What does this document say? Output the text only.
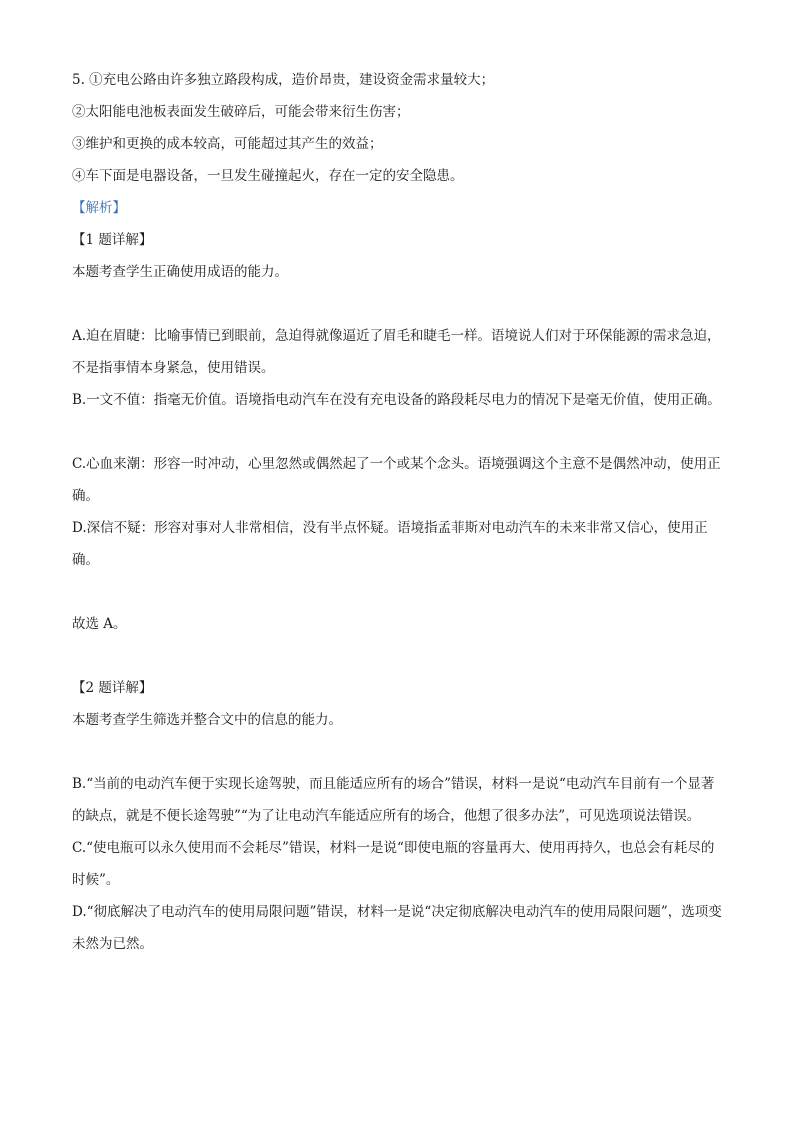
5. ①充电公路由许多独立路段构成，造价昂贵，建设资金需求量较大；
②太阳能电池板表面发生破碎后，可能会带来衍生伤害；
③维护和更换的成本较高，可能超过其产生的效益；
④车下面是电器设备，一旦发生碰撞起火，存在一定的安全隐患。
【解析】
【1 题详解】
本题考查学生正确使用成语的能力。

A.迫在眉睫：比喻事情已到眼前，急迫得就像逼近了眉毛和睫毛一样。语境说人们对于环保能源的需求急迫，不是指事情本身紧急，使用错误。

B.一文不值：指毫无价值。语境指电动汽车在没有充电设备的路段耗尽电力的情况下是毫无价值，使用正确。

C.心血来潮：形容一时冲动，心里忽然或偶然起了一个或某个念头。语境强调这个主意不是偶然冲动，使用正确。

D.深信不疑：形容对事对人非常相信，没有半点怀疑。语境指孟菲斯对电动汽车的未来非常又信心，使用正确。

故选 A。
【2 题详解】
本题考查学生筛选并整合文中的信息的能力。

B.“当前的电动汽车便于实现长途驾驶，而且能适应所有的场合”错误，材料一是说“电动汽车目前有一个显著的缺点，就是不便长途驾驶”“为了让电动汽车能适应所有的场合，他想了很多办法”，可见选项说法错误。

C.“使电瓶可以永久使用而不会耗尽”错误，材料一是说“即使电瓶的容量再大、使用再持久，也总会有耗尽的时候”。

D.“彻底解决了电动汽车的使用局限问题”错误，材料一是说“决定彻底解决电动汽车的使用局限问题”，选项变未然为已然。
